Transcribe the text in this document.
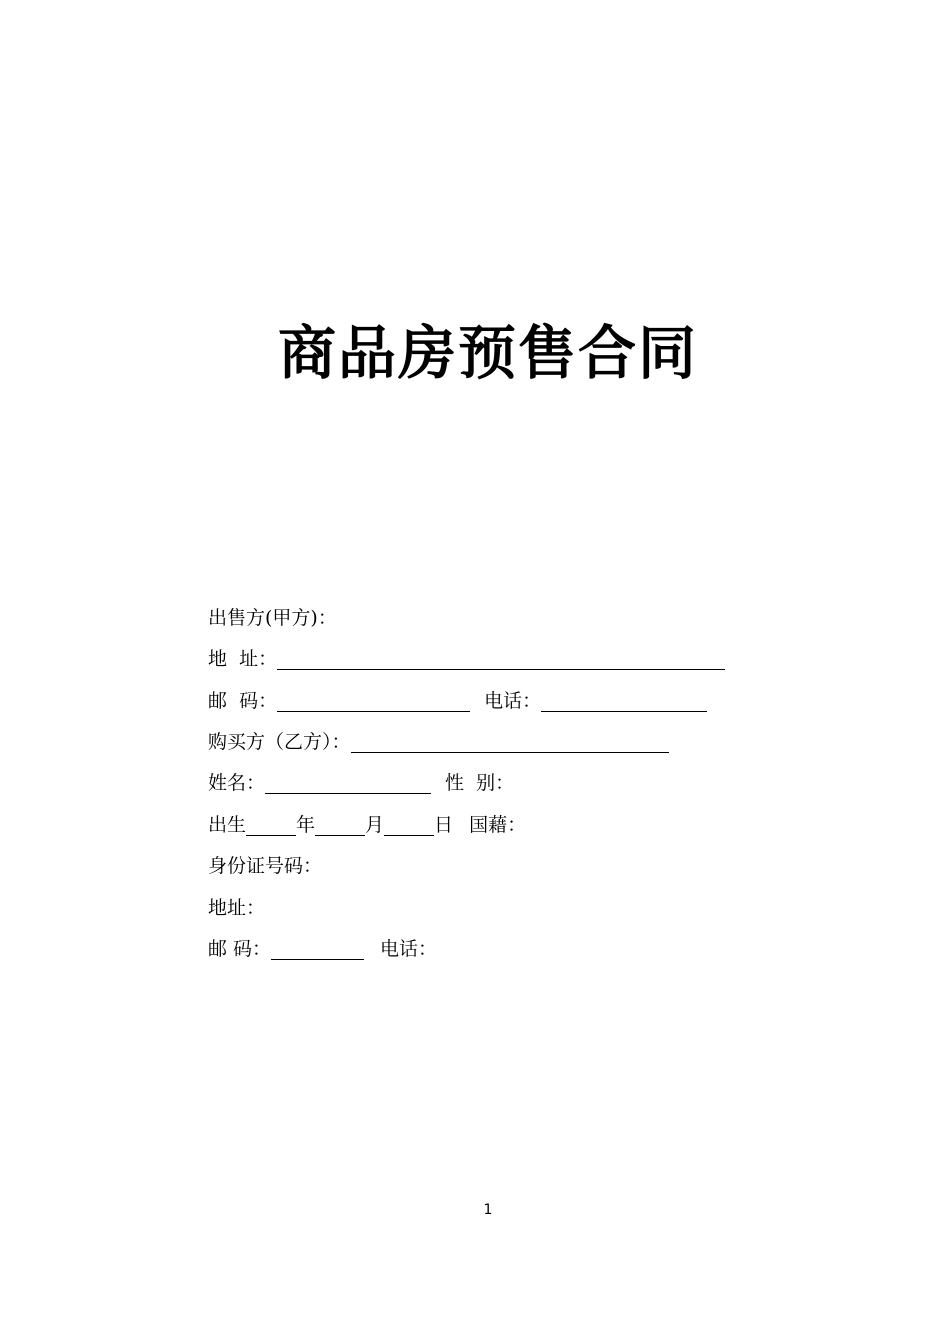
商品房预售合同
出售方(甲方)：
地  址：
邮  码：	电话：
购买方（乙方）：
姓名：	性  别：
出生	年	月	日 国藉：
身份证号码：
地址：
邮 码：	电话：
1
